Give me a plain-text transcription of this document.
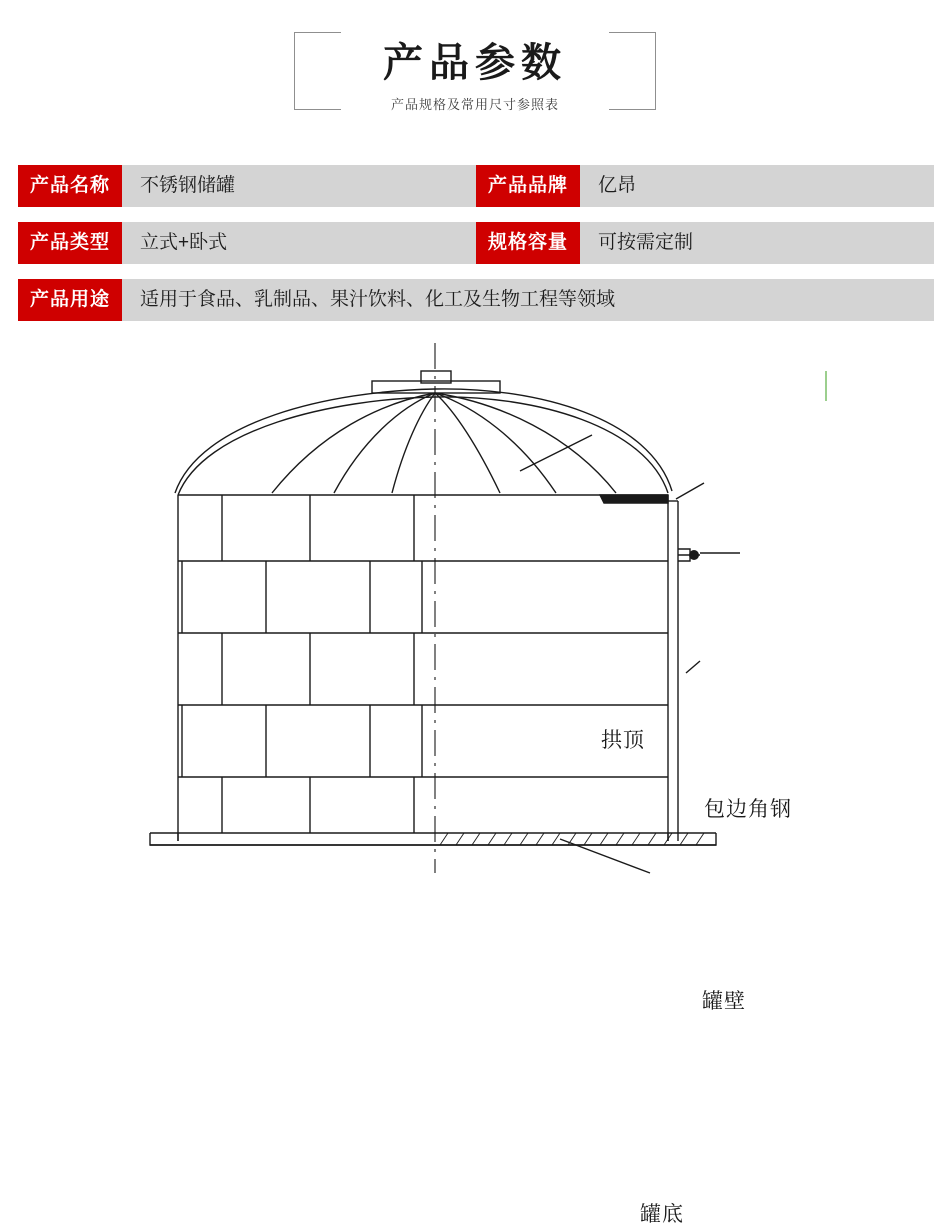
产品参数
产品规格及常用尺寸参照表
产品名称	不锈钢储罐	产品品牌	亿昂
产品类型	立式+卧式	规格容量	可按需定制
产品用途	适用于食品、乳制品、果汁饮料、化工及生物工程等领域
拱顶
包边角钢
罐壁
罐底
